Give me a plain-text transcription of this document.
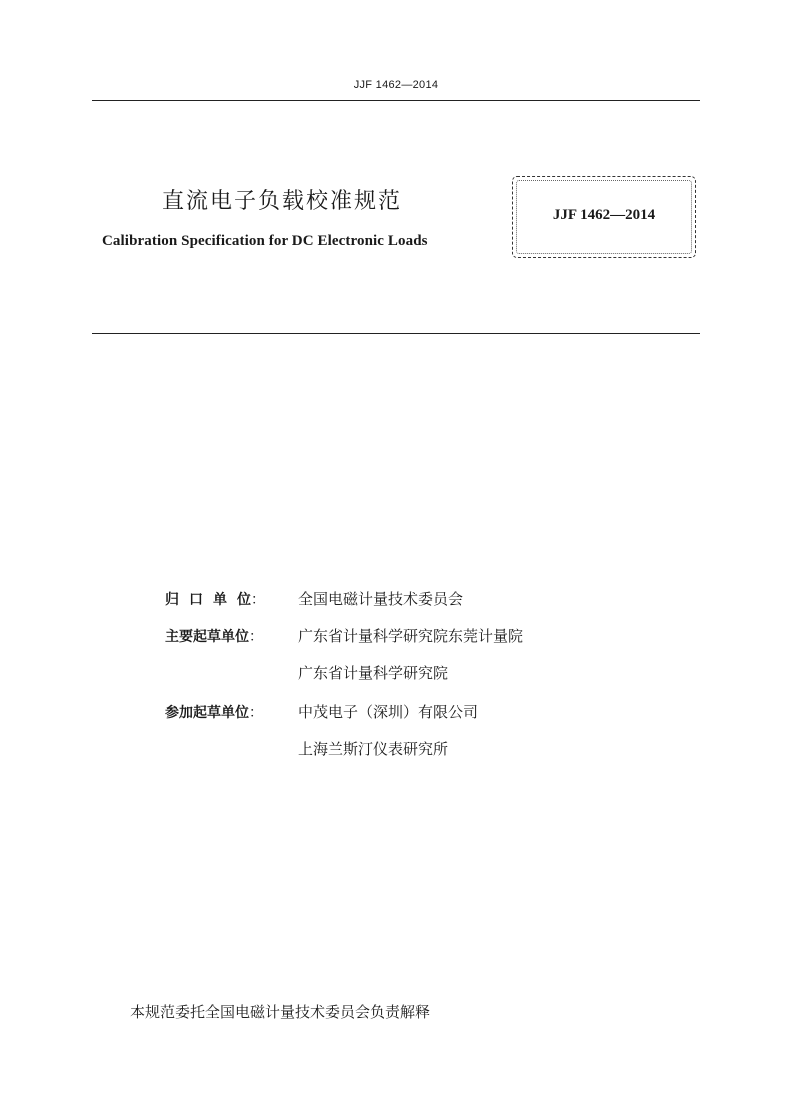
JJF 1462—2014
直流电子负载校准规范
Calibration Specification for DC Electronic Loads
JJF 1462—2014
归 口 单 位： 全国电磁计量技术委员会
主要起草单位： 广东省计量科学研究院东莞计量院
广东省计量科学研究院
参加起草单位： 中茂电子（深圳）有限公司
上海兰斯汀仪表研究所
本规范委托全国电磁计量技术委员会负责解释
